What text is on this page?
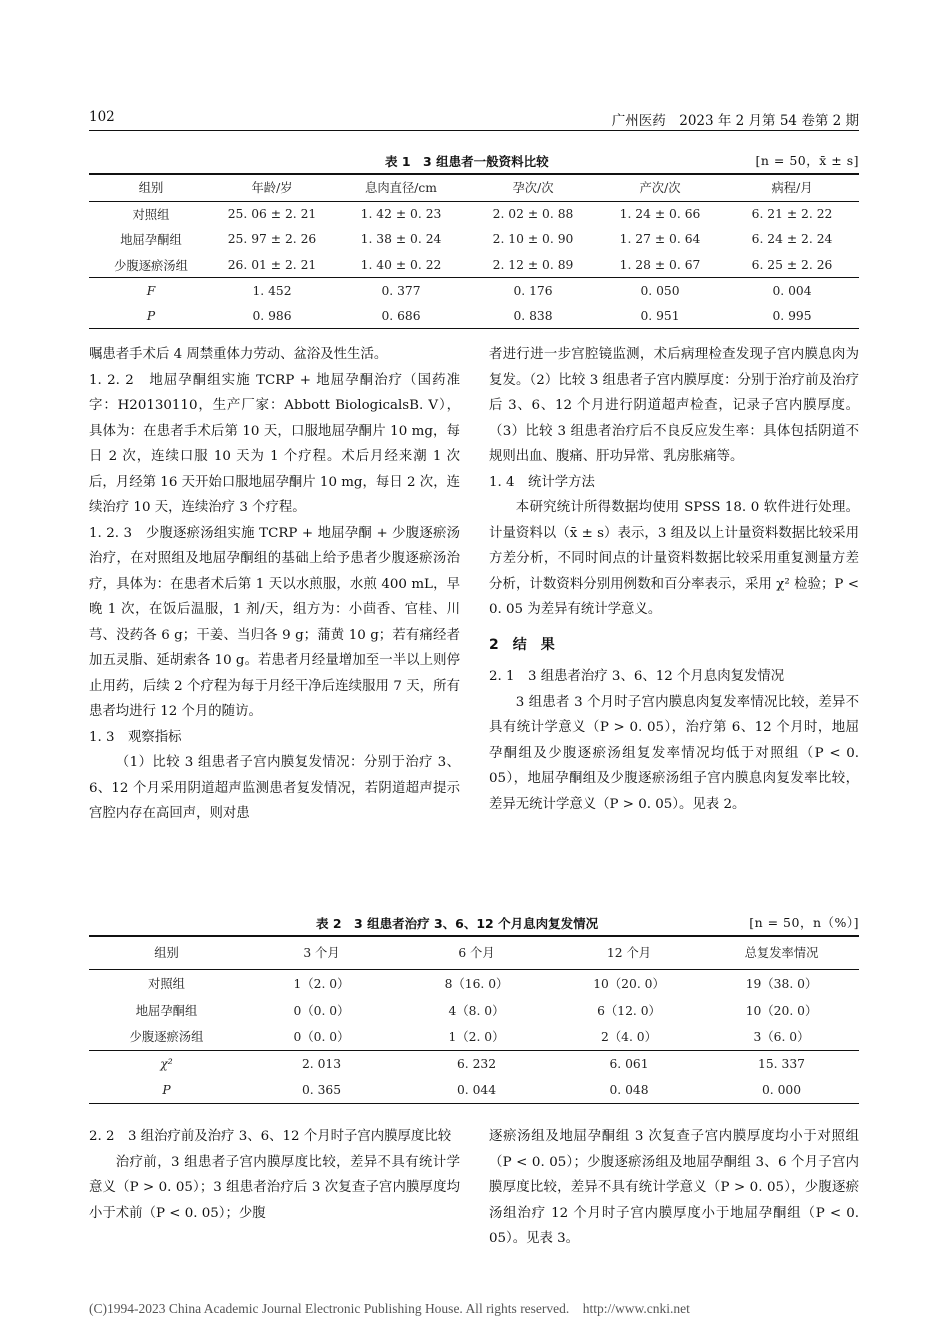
102	广州医药　2023 年 2 月第 54 卷第 2 期
表 1　3 组患者一般资料比较	[n = 50，x̄ ± s]
组别	年龄/岁	息肉直径/cm	孕次/次	产次/次	病程/月
对照组	25. 06 ± 2. 21	1. 42 ± 0. 23	2. 02 ± 0. 88	1. 24 ± 0. 66	6. 21 ± 2. 22
地屈孕酮组	25. 97 ± 2. 26	1. 38 ± 0. 24	2. 10 ± 0. 90	1. 27 ± 0. 64	6. 24 ± 2. 24
少腹逐瘀汤组	26. 01 ± 2. 21	1. 40 ± 0. 22	2. 12 ± 0. 89	1. 28 ± 0. 67	6. 25 ± 2. 26
F	1. 452	0. 377	0. 176	0. 050	0. 004
P	0. 986	0. 686	0. 838	0. 951	0. 995

嘱患者手术后 4 周禁重体力劳动、盆浴及性生活。

1. 2. 2　地屈孕酮组实施 TCRP + 地屈孕酮治疗（国药准字：H20130110，生产厂家：Abbott BiologicalsB. V），具体为：在患者手术后第 10 天，口服地屈孕酮片 10 mg，每日 2 次，连续口服 10 天为 1 个疗程。术后月经来潮 1 次后，月经第 16 天开始口服地屈孕酮片 10 mg，每日 2 次，连续治疗 10 天，连续治疗 3 个疗程。

1. 2. 3　少腹逐瘀汤组实施 TCRP + 地屈孕酮 + 少腹逐瘀汤治疗，在对照组及地屈孕酮组的基础上给予患者少腹逐瘀汤治疗，具体为：在患者术后第 1 天以水煎服，水煎 400 mL，早晚 1 次，在饭后温服，1 剂/天，组方为：小茴香、官桂、川芎、没药各 6 g；干姜、当归各 9 g；蒲黄 10 g；若有痛经者加五灵脂、延胡索各 10 g。若患者月经量增加至一半以上则停止用药，后续 2 个疗程为每于月经干净后连续服用 7 天，所有患者均进行 12 个月的随访。

1. 3　观察指标

（1）比较 3 组患者子宫内膜复发情况：分别于治疗 3、6、12 个月采用阴道超声监测患者复发情况，若阴道超声提示宫腔内存在高回声，则对患

者进行进一步宫腔镜监测，术后病理检查发现子宫内膜息肉为复发。（2）比较 3 组患者子宫内膜厚度：分别于治疗前及治疗后 3、6、12 个月进行阴道超声检查，记录子宫内膜厚度。（3）比较 3 组患者治疗后不良反应发生率：具体包括阴道不规则出血、腹痛、肝功异常、乳房胀痛等。

1. 4　统计学方法

本研究统计所得数据均使用 SPSS 18. 0 软件进行处理。计量资料以（x̄ ± s）表示，3 组及以上计量资料数据比较采用方差分析，不同时间点的计量资料数据比较采用重复测量方差分析，计数资料分别用例数和百分率表示，采用 χ² 检验；P < 0. 05 为差异有统计学意义。

2　结　果

2. 1　3 组患者治疗 3、6、12 个月息肉复发情况

3 组患者 3 个月时子宫内膜息肉复发率情况比较，差异不具有统计学意义（P > 0. 05），治疗第 6、12 个月时，地屈孕酮组及少腹逐瘀汤组复发率情况均低于对照组（P < 0. 05），地屈孕酮组及少腹逐瘀汤组子宫内膜息肉复发率比较，差异无统计学意义（P > 0. 05）。见表 2。

表 2　3 组患者治疗 3、6、12 个月息肉复发情况	[n = 50，n（%）]
组别	3 个月	6 个月	12 个月	总复发率情况
对照组	1（2. 0）	8（16. 0）	10（20. 0）	19（38. 0）
地屈孕酮组	0（0. 0）	4（8. 0）	6（12. 0）	10（20. 0）
少腹逐瘀汤组	0（0. 0）	1（2. 0）	2（4. 0）	3（6. 0）
χ²	2. 013	6. 232	6. 061	15. 337
P	0. 365	0. 044	0. 048	0. 000

2. 2　3 组治疗前及治疗 3、6、12 个月时子宫内膜厚度比较

治疗前，3 组患者子宫内膜厚度比较，差异不具有统计学意义（P > 0. 05）；3 组患者治疗后 3 次复查子宫内膜厚度均小于术前（P < 0. 05）；少腹

逐瘀汤组及地屈孕酮组 3 次复查子宫内膜厚度均小于对照组（P < 0. 05）；少腹逐瘀汤组及地屈孕酮组 3、6 个月子宫内膜厚度比较，差异不具有统计学意义（P > 0. 05），少腹逐瘀汤组治疗 12 个月时子宫内膜厚度小于地屈孕酮组（P < 0. 05）。见表 3。

(C)1994-2023 China Academic Journal Electronic Publishing House. All rights reserved.　http://www.cnki.net
